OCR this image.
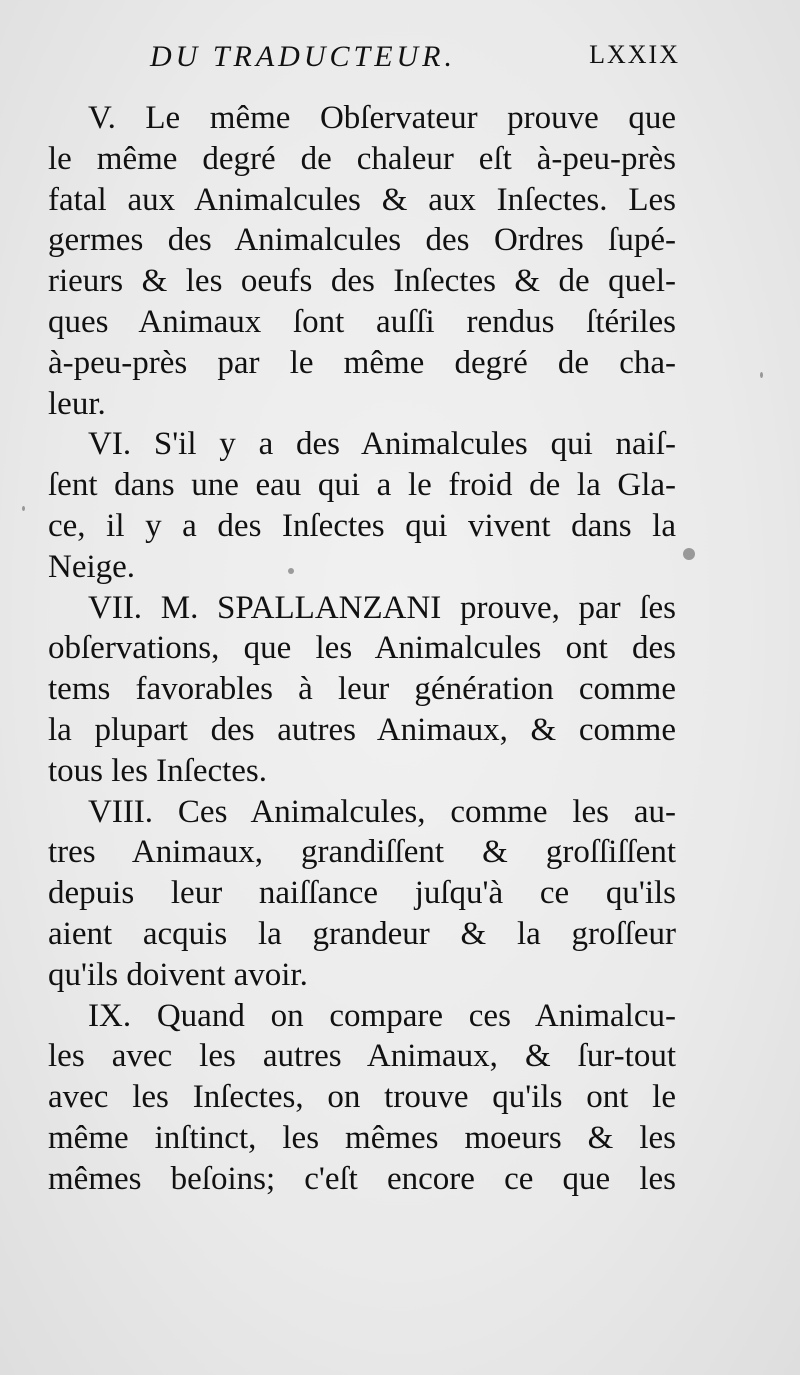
DU TRADUCTEUR.	LXXIX
V. Le même Obſervateur prouve que
le même degré de chaleur eſt à-peu-près
fatal aux Animalcules & aux Inſectes. Les
germes des Animalcules des Ordres ſupé-
rieurs & les oeufs des Inſectes & de quel-
ques Animaux ſont auſſi rendus ſtériles
à-peu-près par le même degré de cha-
leur.
VI. S'il y a des Animalcules qui naiſ-
ſent dans une eau qui a le froid de la Gla-
ce, il y a des Inſectes qui vivent dans la
Neige.
VII. M. SPALLANZANI prouve, par ſes
obſervations, que les Animalcules ont des
tems favorables à leur génération comme
la plupart des autres Animaux, & comme
tous les Inſectes.
VIII. Ces Animalcules, comme les au-
tres Animaux, grandiſſent & groſſiſſent
depuis leur naiſſance juſqu'à ce qu'ils
aient acquis la grandeur & la groſſeur
qu'ils doivent avoir.
IX. Quand on compare ces Animalcu-
les avec les autres Animaux, & ſur-tout
avec les Inſectes, on trouve qu'ils ont le
même inſtinct, les mêmes moeurs & les
mêmes beſoins; c'eſt encore ce que les
